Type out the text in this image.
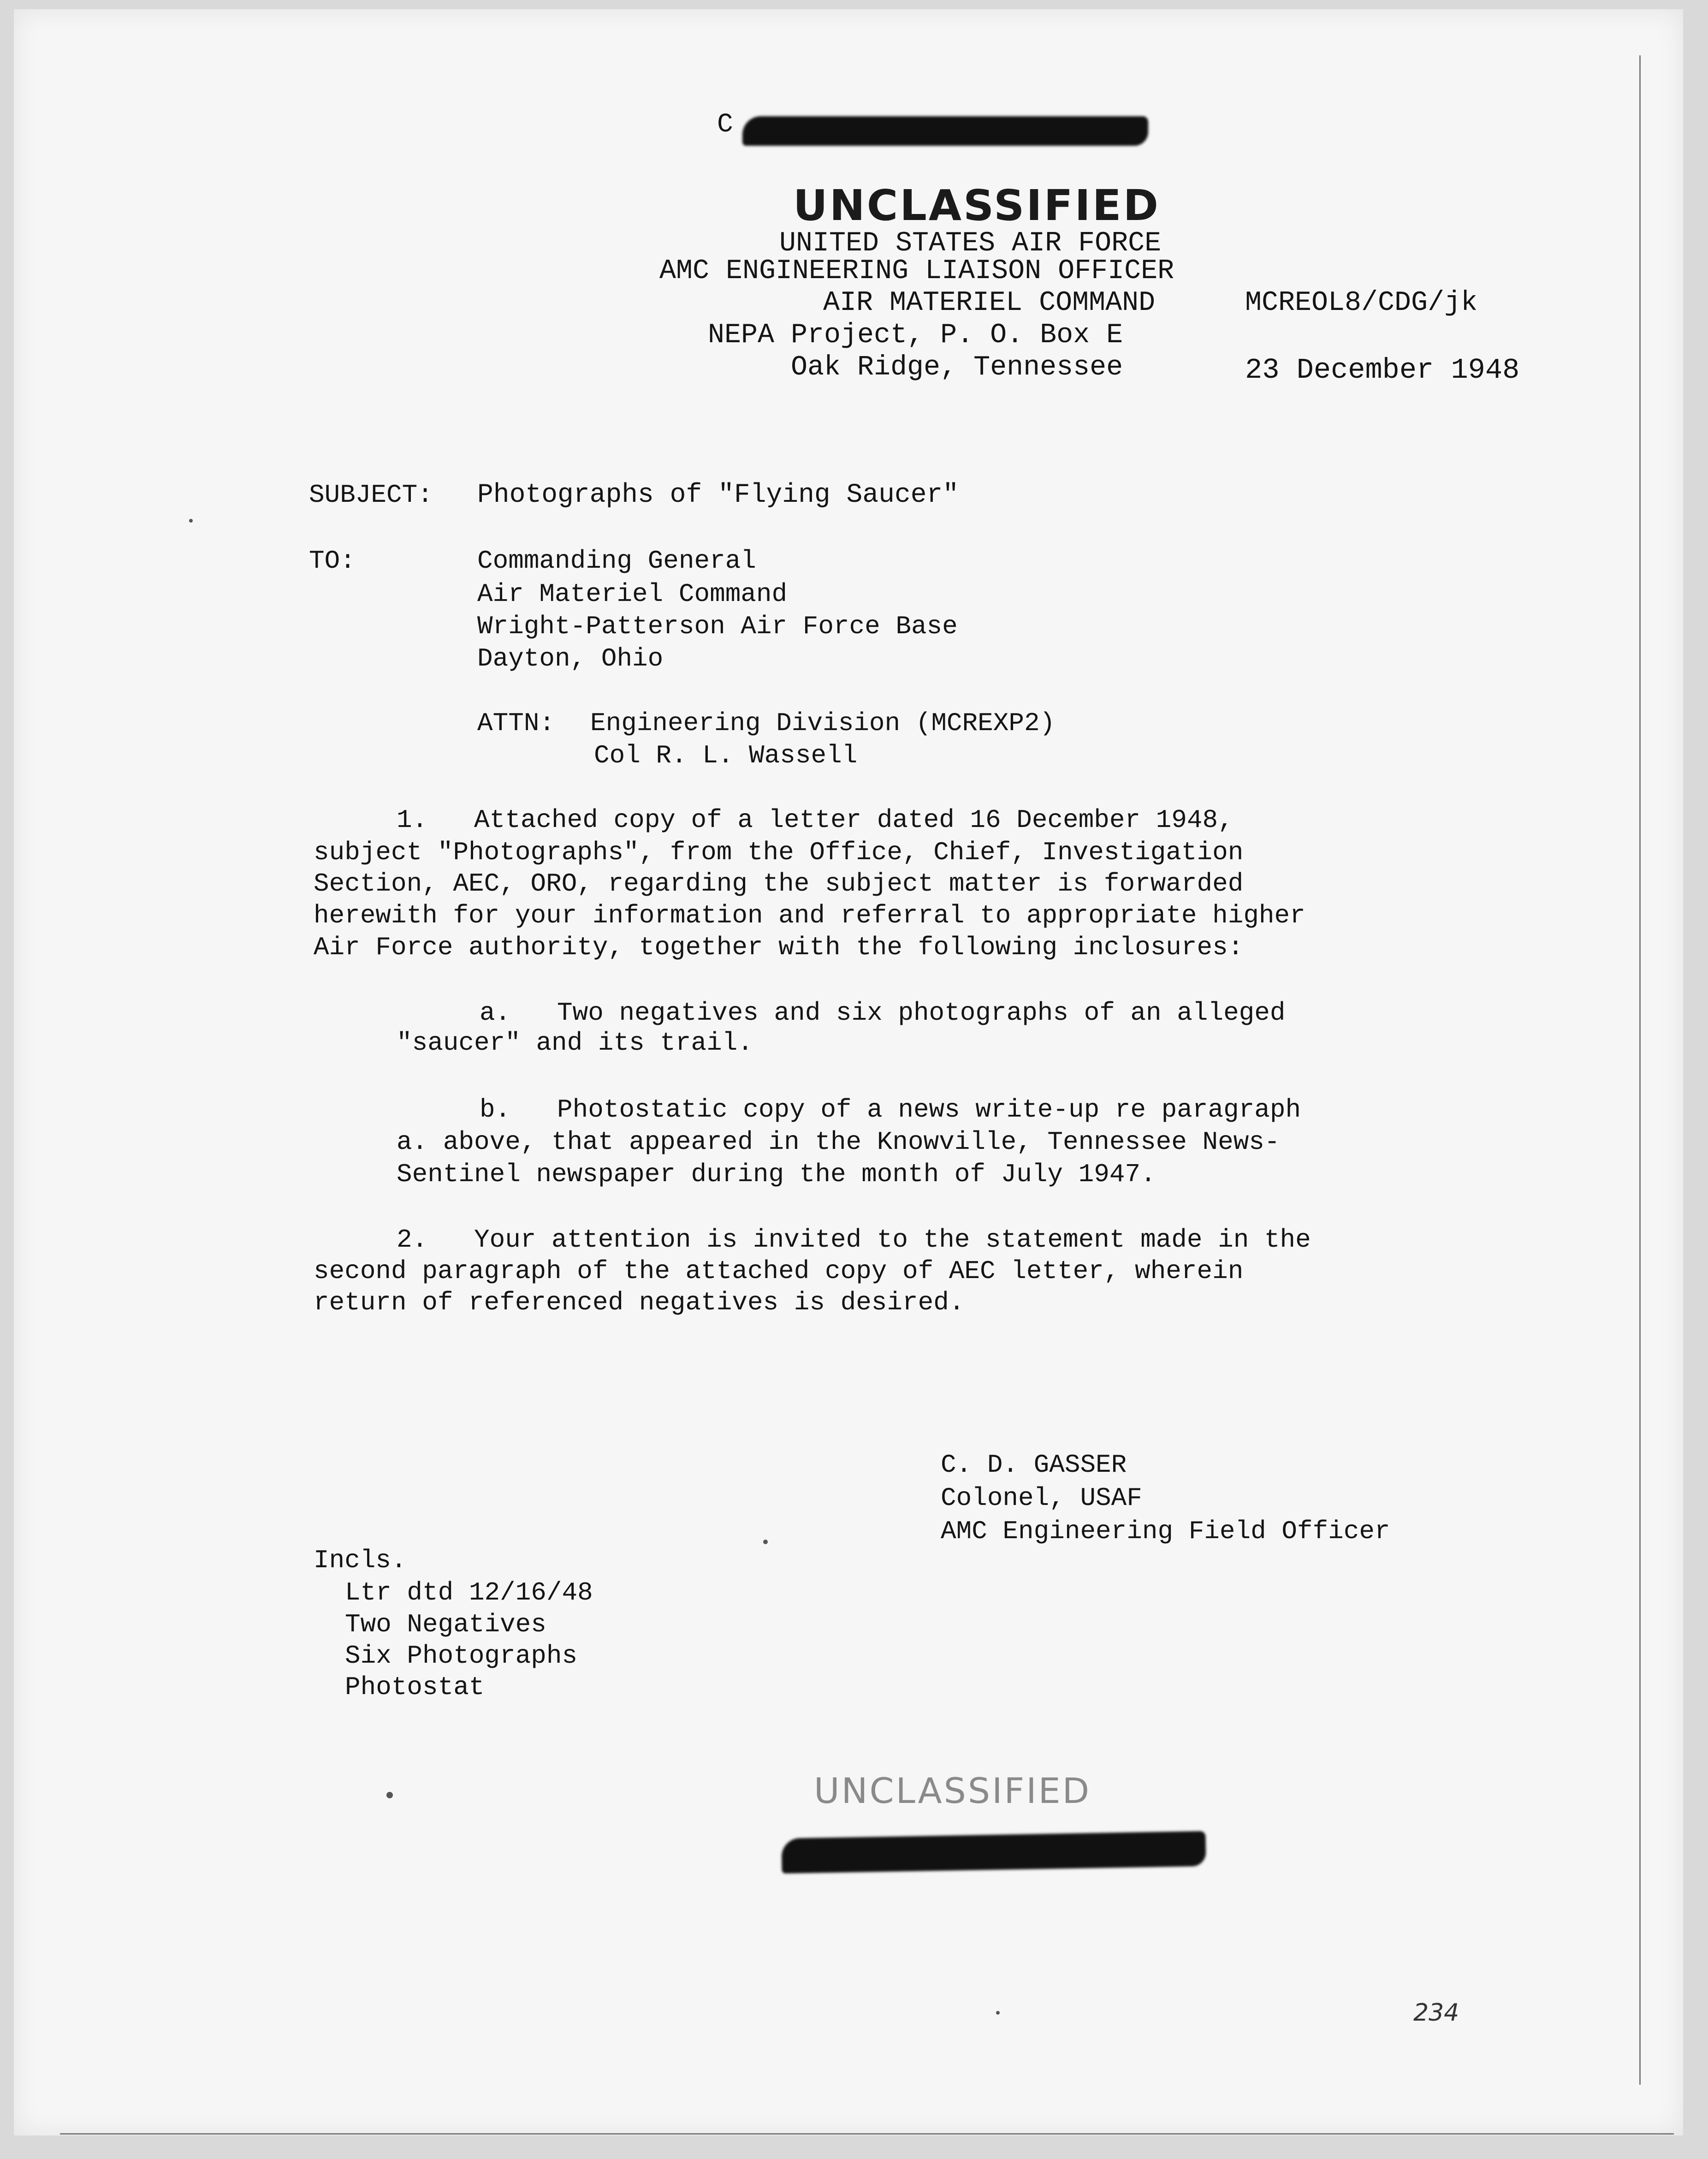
C
UNCLASSIFIED
UNITED STATES AIR FORCE
AMC ENGINEERING LIAISON OFFICER
AIR MATERIEL COMMAND
NEPA Project, P. O. Box E
Oak Ridge, Tennessee
MCREOL8/CDG/jk
23 December 1948
SUBJECT: Photographs of "Flying Saucer"
TO:	Commanding General
Air Materiel Command
Wright-Patterson Air Force Base
Dayton, Ohio
ATTN: Engineering Division (MCREXP2)
Col R. L. Wassell
1.   Attached copy of a letter dated 16 December 1948,
subject "Photographs", from the Office, Chief, Investigation
Section, AEC, ORO, regarding the subject matter is forwarded
herewith for your information and referral to appropriate higher
Air Force authority, together with the following inclosures:
a.   Two negatives and six photographs of an alleged
"saucer" and its trail.
b.   Photostatic copy of a news write-up re paragraph
a. above, that appeared in the Knowville, Tennessee News-
Sentinel newspaper during the month of July 1947.
2.   Your attention is invited to the statement made in the
second paragraph of the attached copy of AEC letter, wherein
return of referenced negatives is desired.
C. D. GASSER
Colonel, USAF
AMC Engineering Field Officer
Incls.
Ltr dtd 12/16/48
Two Negatives
Six Photographs
Photostat
UNCLASSIFIED
234
